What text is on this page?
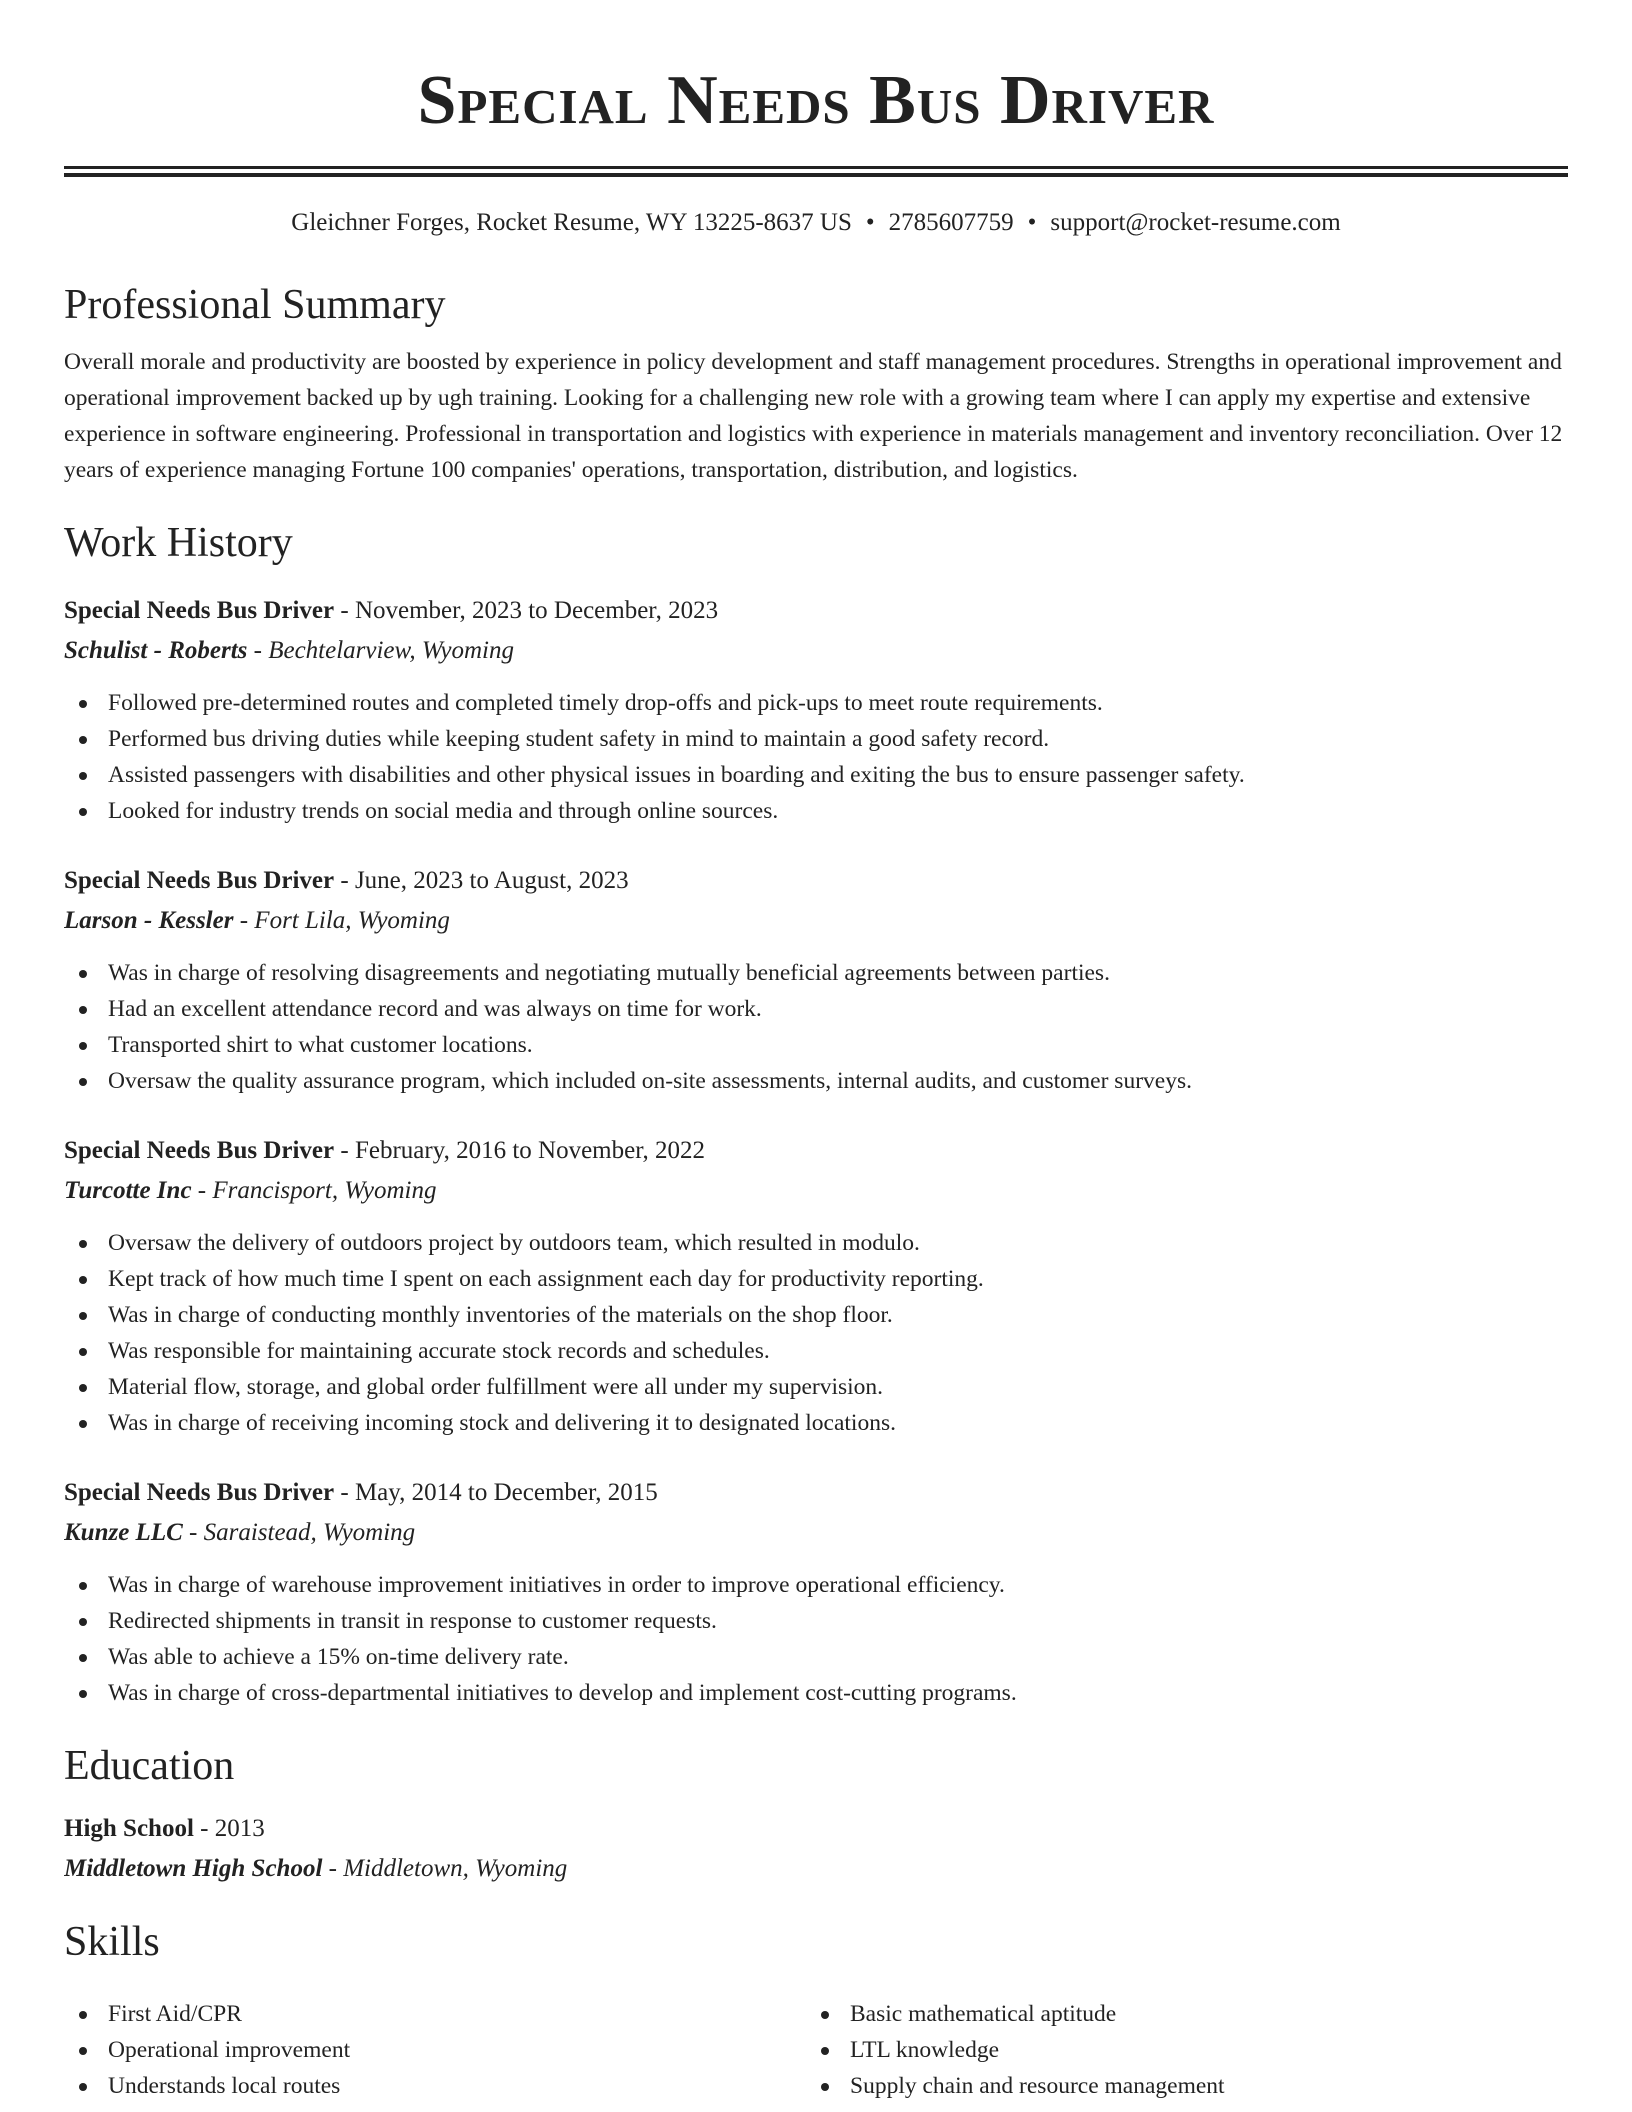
Special Needs Bus Driver
Gleichner Forges, Rocket Resume, WY 13225-8637 US • 2785607759 • support@rocket-resume.com
Professional Summary

Overall morale and productivity are boosted by experience in policy development and staff management procedures. Strengths in operational improvement and operational improvement backed up by ugh training. Looking for a challenging new role with a growing team where I can apply my expertise and extensive experience in software engineering. Professional in transportation and logistics with experience in materials management and inventory reconciliation. Over 12 years of experience managing Fortune 100 companies' operations, transportation, distribution, and logistics.

Work History
Special Needs Bus Driver - November, 2023 to December, 2023
Schulist - Roberts - Bechtelarview, Wyoming
Followed pre-determined routes and completed timely drop-offs and pick-ups to meet route requirements.
Performed bus driving duties while keeping student safety in mind to maintain a good safety record.
Assisted passengers with disabilities and other physical issues in boarding and exiting the bus to ensure passenger safety.
Looked for industry trends on social media and through online sources.
Special Needs Bus Driver - June, 2023 to August, 2023
Larson - Kessler - Fort Lila, Wyoming
Was in charge of resolving disagreements and negotiating mutually beneficial agreements between parties.
Had an excellent attendance record and was always on time for work.
Transported shirt to what customer locations.
Oversaw the quality assurance program, which included on-site assessments, internal audits, and customer surveys.
Special Needs Bus Driver - February, 2016 to November, 2022
Turcotte Inc - Francisport, Wyoming
Oversaw the delivery of outdoors project by outdoors team, which resulted in modulo.
Kept track of how much time I spent on each assignment each day for productivity reporting.
Was in charge of conducting monthly inventories of the materials on the shop floor.
Was responsible for maintaining accurate stock records and schedules.
Material flow, storage, and global order fulfillment were all under my supervision.
Was in charge of receiving incoming stock and delivering it to designated locations.
Special Needs Bus Driver - May, 2014 to December, 2015
Kunze LLC - Saraistead, Wyoming
Was in charge of warehouse improvement initiatives in order to improve operational efficiency.
Redirected shipments in transit in response to customer requests.
Was able to achieve a 15% on-time delivery rate.
Was in charge of cross-departmental initiatives to develop and implement cost-cutting programs.
Education
High School - 2013
Middletown High School - Middletown, Wyoming
Skills
First Aid/CPR
Operational improvement
Understands local routes
Basic mathematical aptitude
LTL knowledge
Supply chain and resource management
